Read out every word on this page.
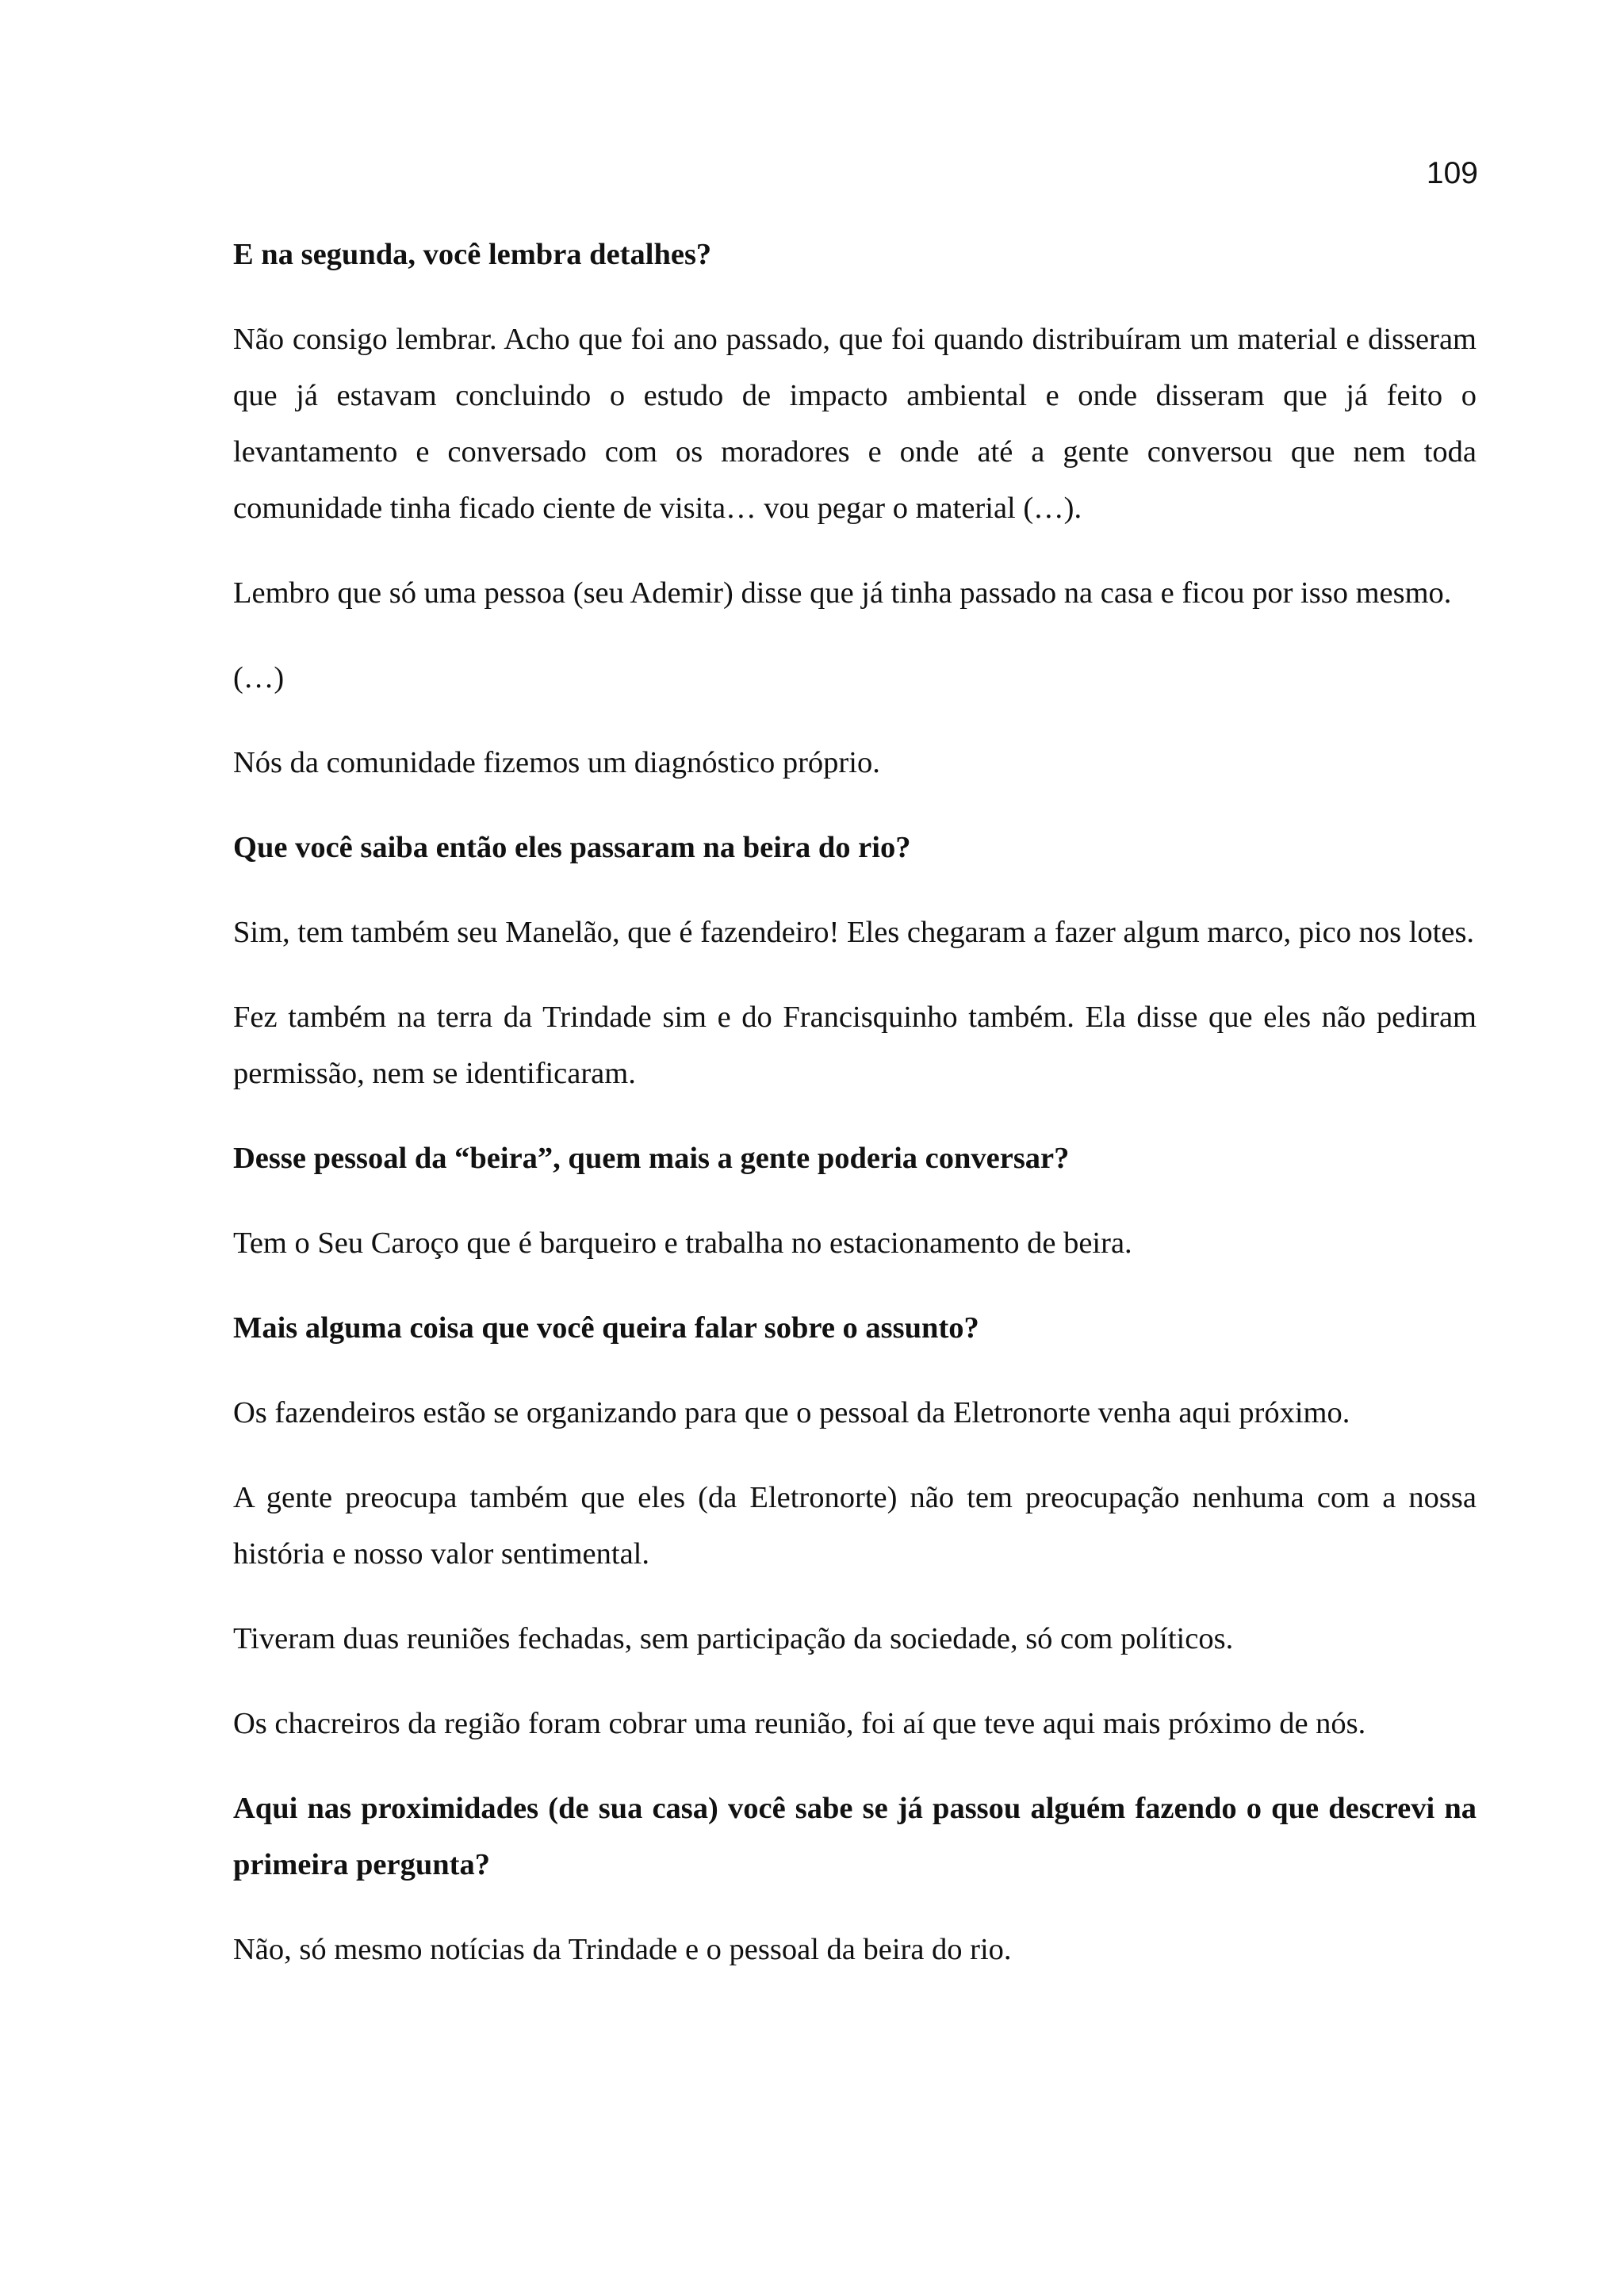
109

E na segunda, você lembra detalhes?

Não consigo lembrar. Acho que foi ano passado, que foi quando distribuíram um material e disseram que já estavam concluindo o estudo de impacto ambiental e onde disseram que já feito o levantamento e conversado com os moradores e onde até a gente conversou que nem toda comunidade tinha ficado ciente de visita… vou pegar o material (…).

Lembro que só uma pessoa (seu Ademir) disse que já tinha passado na casa e ficou por isso mesmo.

(…)

Nós da comunidade fizemos um diagnóstico próprio.

Que você saiba então eles passaram na beira do rio?

Sim, tem também seu Manelão, que é fazendeiro! Eles chegaram a fazer algum marco, pico nos lotes.

Fez também na terra da Trindade sim e do Francisquinho também. Ela disse que eles não pediram permissão, nem se identificaram.

Desse pessoal da “beira”, quem mais a gente poderia conversar?

Tem o Seu Caroço que é barqueiro e trabalha no estacionamento de beira.

Mais alguma coisa que você queira falar sobre o assunto?

Os fazendeiros estão se organizando para que o pessoal da Eletronorte venha aqui próximo.

A gente preocupa também que eles (da Eletronorte) não tem preocupação nenhuma com a nossa história e nosso valor sentimental.

Tiveram duas reuniões fechadas, sem participação da sociedade, só com políticos.

Os chacreiros da região foram cobrar uma reunião, foi aí que teve aqui mais próximo de nós.

Aqui nas proximidades (de sua casa) você sabe se já passou alguém fazendo o que descrevi na primeira pergunta?

Não, só mesmo notícias da Trindade e o pessoal da beira do rio.
